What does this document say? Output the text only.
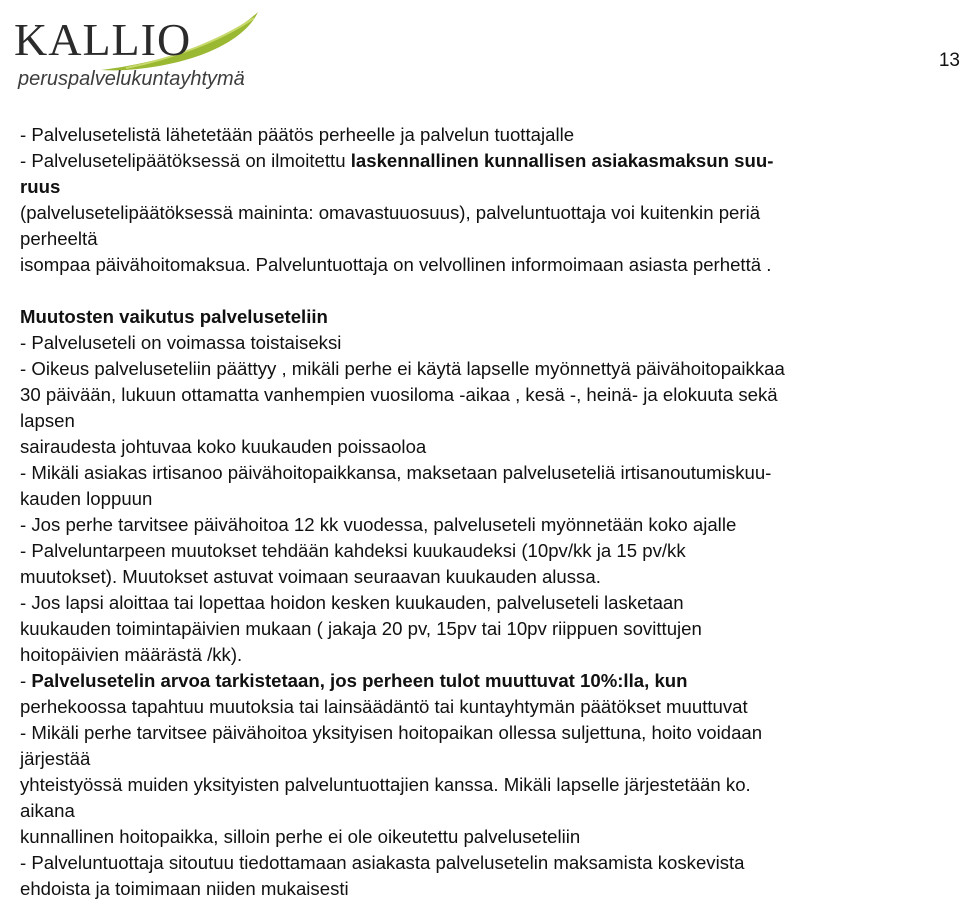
KALLIO
peruspalvelukuntayhtymä
13
- Palvelusetelistä lähetetään päätös perheelle ja palvelun tuottajalle
- Palvelusetelipäätöksessä on ilmoitettu laskennallinen kunnallisen asiakasmaksun suu-
ruus
(palvelusetelipäätöksessä maininta: omavastuuosuus), palveluntuottaja voi kuitenkin periä
perheeltä
isompaa päivähoitomaksua. Palveluntuottaja on velvollinen informoimaan asiasta perhettä .
Muutosten vaikutus palveluseteliin
- Palveluseteli on voimassa toistaiseksi
- Oikeus palveluseteliin päättyy , mikäli perhe ei käytä lapselle myönnettyä päivähoitopaikkaa
30 päivään, lukuun ottamatta vanhempien vuosiloma -aikaa , kesä -, heinä- ja elokuuta sekä
lapsen
sairaudesta johtuvaa koko kuukauden poissaoloa
- Mikäli asiakas irtisanoo päivähoitopaikkansa, maksetaan palveluseteliä irtisanoutumiskuu-
kauden loppuun
- Jos perhe tarvitsee päivähoitoa 12 kk vuodessa, palveluseteli myönnetään koko ajalle
- Palveluntarpeen muutokset tehdään kahdeksi kuukaudeksi (10pv/kk ja 15 pv/kk
muutokset). Muutokset astuvat voimaan seuraavan kuukauden alussa.
- Jos lapsi aloittaa tai lopettaa hoidon kesken kuukauden, palveluseteli lasketaan
kuukauden toimintapäivien mukaan ( jakaja 20 pv, 15pv tai 10pv riippuen sovittujen
hoitopäivien määrästä /kk).
- Palvelusetelin arvoa tarkistetaan, jos perheen tulot muuttuvat 10%:lla, kun
perhekoossa tapahtuu muutoksia tai lainsäädäntö tai kuntayhtymän päätökset muuttuvat
- Mikäli perhe tarvitsee päivähoitoa yksityisen hoitopaikan ollessa suljettuna, hoito voidaan
järjestää
yhteistyössä muiden yksityisten palveluntuottajien kanssa. Mikäli lapselle järjestetään ko.
aikana
kunnallinen hoitopaikka, silloin perhe ei ole oikeutettu palveluseteliin
- Palveluntuottaja sitoutuu tiedottamaan asiakasta palvelusetelin maksamista koskevista
ehdoista ja toimimaan niiden mukaisesti
